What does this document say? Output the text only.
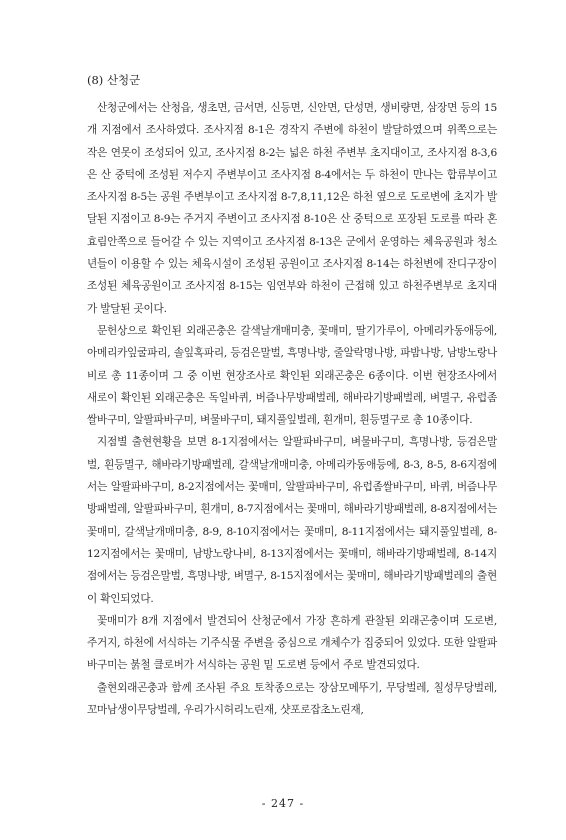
(8) 산청군

산청군에서는 산청읍, 생초면, 금서면, 신등면, 신안면, 단성면, 생비량면, 삼장면 등의 15개 지점에서 조사하였다. 조사지점 8-1은 경작지 주변에 하천이 발달하였으며 위쪽으로는 작은 연못이 조성되어 있고, 조사지점 8-2는 넓은 하천 주변부 초지대이고, 조사지점 8-3,6은 산 중턱에 조성된 저수지 주변부이고 조사지점 8-4에서는 두 하천이 만나는 합류부이고 조사지점 8-5는 공원 주변부이고 조사지점 8-7,8,11,12은 하천 옆으로 도로변에 초지가 발달된 지점이고 8-9는 주거지 주변이고 조사지점 8-10은 산 중턱으로 포장된 도로를 따라 혼효림안쪽으로 들어갈 수 있는 지역이고 조사지점 8-13은 군에서 운영하는 체육공원과 청소년들이 이용할 수 있는 체육시설이 조성된 공원이고 조사지점 8-14는 하천변에 잔디구장이 조성된 체육공원이고 조사지점 8-15는 임연부와 하천이 근접해 있고 하천주변부로 초지대가 발달된 곳이다.

문헌상으로 확인된 외래곤충은 갈색날개매미충, 꽃매미, 딸기가루이, 아메리카동애등에, 아메리카잎굴파리, 솔잎혹파리, 등검은말벌, 흑명나방, 줄알락명나방, 파밤나방, 남방노랑나비로 총 11종이며 그 중 이번 현장조사로 확인된 외래곤충은 6종이다. 이번 현장조사에서 새로이 확인된 외래곤충은 독일바퀴, 버즘나무방패벌레, 해바라기방패벌레, 벼멸구, 유럽좀쌀바구미, 알팔파바구미, 벼물바구미, 돼지풀잎벌레, 흰개미, 흰등멸구로 총 10종이다.

지점별 출현현황을 보면 8-1지점에서는 알팔파바구미, 벼물바구미, 흑명나방, 등검은말벌, 흰등멸구, 해바라기방패벌레, 갈색날개매미충, 아메리카동애등에, 8-3, 8-5, 8-6지점에서는 알팔파바구미, 8-2지점에서는 꽃매미, 알팔파바구미, 유럽좀쌀바구미, 바퀴, 버즘나무방패벌레, 알팔파바구미, 흰개미, 8-7지점에서는 꽃매미, 해바라기방패벌레, 8-8지점에서는 꽃매미, 갈색날개매미충, 8-9, 8-10지점에서는 꽃매미, 8-11지점에서는 돼지풀잎벌레, 8-12지점에서는 꽃매미, 남방노랑나비, 8-13지점에서는 꽃매미, 해바라기방패벌레, 8-14지점에서는 등검은말벌, 흑명나방, 벼멸구, 8-15지점에서는 꽃매미, 해바라기방패벌레의 출현이 확인되었다.

꽃매미가 8개 지점에서 발견되어 산청군에서 가장 흔하게 관찰된 외래곤충이며 도로변, 주거지, 하천에 서식하는 기주식물 주변을 중심으로 개체수가 집중되어 있었다. 또한 알팔파바구미는 붉철 클로버가 서식하는 공원 밑 도로변 등에서 주로 발견되었다.

출현외래곤충과 함께 조사된 주요 토착종으로는 장삼모메뚜기, 무당벌레, 칠성무당벌레, 꼬마남생이무당벌레, 우리가시허리노린재, 샷포로잡초노린재,

- 247 -
